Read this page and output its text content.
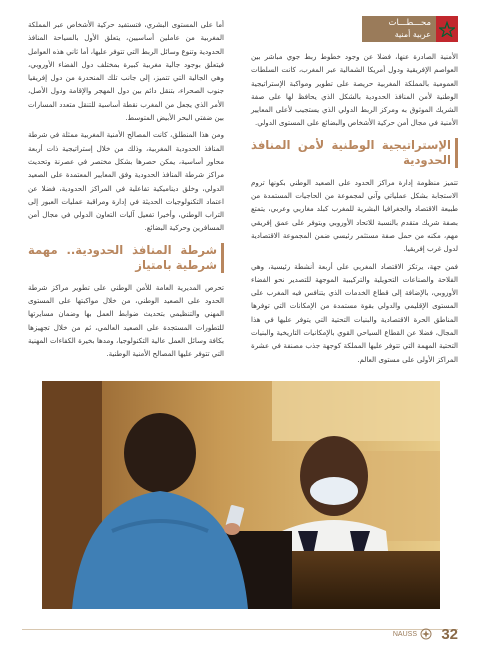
محـــطـــات
عربية أمنية

الأمنية الصادرة عنها، فضلا عن وجود خطوط ربط جوي مباشر بين العواصم الإفريقية ودول أمريكا الشمالية عبر المغرب، كانت السلطات العمومية بالمملكة المغربية حريصة على تطوير ومواكبة الإستراتيجية الوطنية لأمن المنافذ الحدودية بالشكل الذي يحافظ لها على صفة الشريك الموثوق به ومركز الربط الدولي الذي يستجيب لأعلى المعايير الأمنية في مجال أمن حركية الأشخاص والبضائع على المستوى الدولي.

الإستراتيجية الوطنية لأمن المنافذ الحدودية

تتميز منظومة إدارة مراكز الحدود على الصعيد الوطني بكونها تروم الاستجابة بشكل عملياتي وآني لمجموعة من الحاجيات المستمدة من طبيعة الاقتصاد والجغرافيا البشرية للمغرب كبلد مغاربي وعربي، يتمتع بصفة شريك متقدم بالنسبة للاتحاد الأوروبي ويتوفر على عمق إفريقي مهم، مكنه من حمل صفة مستثمر رئيسي ضمن المجموعة الاقتصادية لدول غرب إفريقيا.

فمن جهة، يرتكز الاقتصاد المغربي على أربعة أنشطة رئيسية، وهي الفلاحة والصناعات التحويلية والتركيبية الموجهة للتصدير نحو الفضاء الأوروبي، بالإضافة إلى قطاع الخدمات الذي يتنافس فيه المغرب على المستوى الإقليمي والدولي بقوة مستمدة من الإمكانات التي توفرها المناطق الحرة الاقتصادية والبنيات التحتية التي يتوفر عليها في هذا المجال، فضلا عن القطاع السياحي القوي بالإمكانيات التاريخية والبنيات التحتية المهمة التي تتوفر عليها المملكة كوجهة جذب مصنفة في عشرة المراكز الأولى على مستوى العالم.

أما على المستوى البشري، فتستفيد حركية الأشخاص عبر المملكة المغربية من عاملين أساسيين، يتعلق الأول بالسياحة المنافذ الحدودية وتنوع وسائل الربط التي تتوفر عليها، أما ثاني هذه العوامل فيتعلق بوجود جالية مغربية كبيرة بمختلف دول الفضاء الأوروبي، وهي الجالية التي تتميز، إلى جانب تلك المنحدرة من دول إفريقيا جنوب الصحراء، بتنقل دائم بين دول المهجر والإقامة ودول الأصل، الأمر الذي يجعل من المغرب نقطة أساسية للتنقل متعدد المسارات بين ضفتي البحر الأبيض المتوسط.

ومن هذا المنطلق، كانت المصالح الأمنية المغربية ممثلة في شرطة المنافذ الحدودية المغربية، وذلك من خلال إستراتيجية ذات أربعة محاور أساسية، يمكن حصرها بشكل مختصر في عصرنة وتحديث مراكز شرطة المنافذ الحدودية وفق المعايير المعتمدة على الصعيد الدولي، وخلق ديناميكية تفاعلية في المراكز الحدودية، فضلا عن اعتماد التكنولوجيات الحديثة في إدارة ومراقبة عمليات العبور إلى التراب الوطني، وأخيرا تفعيل آليات التعاون الدولي في مجال أمن المسافرين وحركية البضائع.

شرطة المنافذ الحدودية.. مهمة شرطية بامتياز

تحرص المديرية العامة للأمن الوطني على تطوير مراكز شرطة الحدود على الصعيد الوطني، من خلال مواكبتها على المستوى المهني والتنظيمي بتحديث ضوابط العمل بها وضمان مسايرتها للتطورات المستجدة على الصعيد العالمي، ثم من خلال تجهيزها بكافة وسائل العمل عالية التكنولوجيا، ومدها بخيرة الكفاءات المهنية التي تتوفر عليها المصالح الأمنية الوطنية.

NAUSS 32
